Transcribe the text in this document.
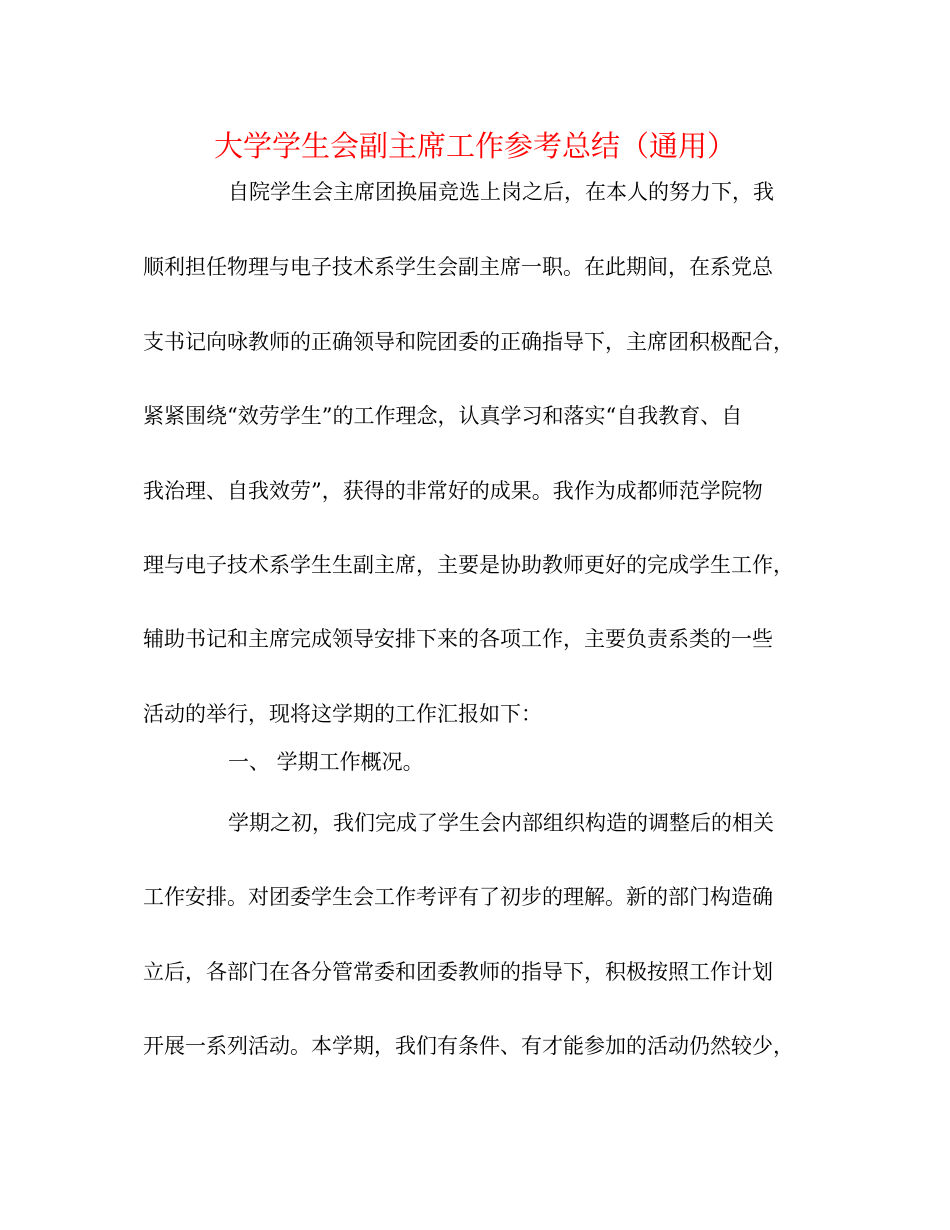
大学学生会副主席工作参考总结（通用）
自院学生会主席团换届竞选上岗之后，在本人的努力下，我
顺利担任物理与电子技术系学生会副主席一职。在此期间，在系党总
支书记向咏教师的正确领导和院团委的正确指导下，主席团积极配合，
紧紧围绕“效劳学生”的工作理念，认真学习和落实“自我教育、自
我治理、自我效劳”，获得的非常好的成果。我作为成都师范学院物
理与电子技术系学生生副主席，主要是协助教师更好的完成学生工作，
辅助书记和主席完成领导安排下来的各项工作，主要负责系类的一些
活动的举行，现将这学期的工作汇报如下：
一、 学期工作概况。
学期之初，我们完成了学生会内部组织构造的调整后的相关
工作安排。对团委学生会工作考评有了初步的理解。新的部门构造确
立后，各部门在各分管常委和团委教师的指导下，积极按照工作计划
开展一系列活动。本学期，我们有条件、有才能参加的活动仍然较少，
